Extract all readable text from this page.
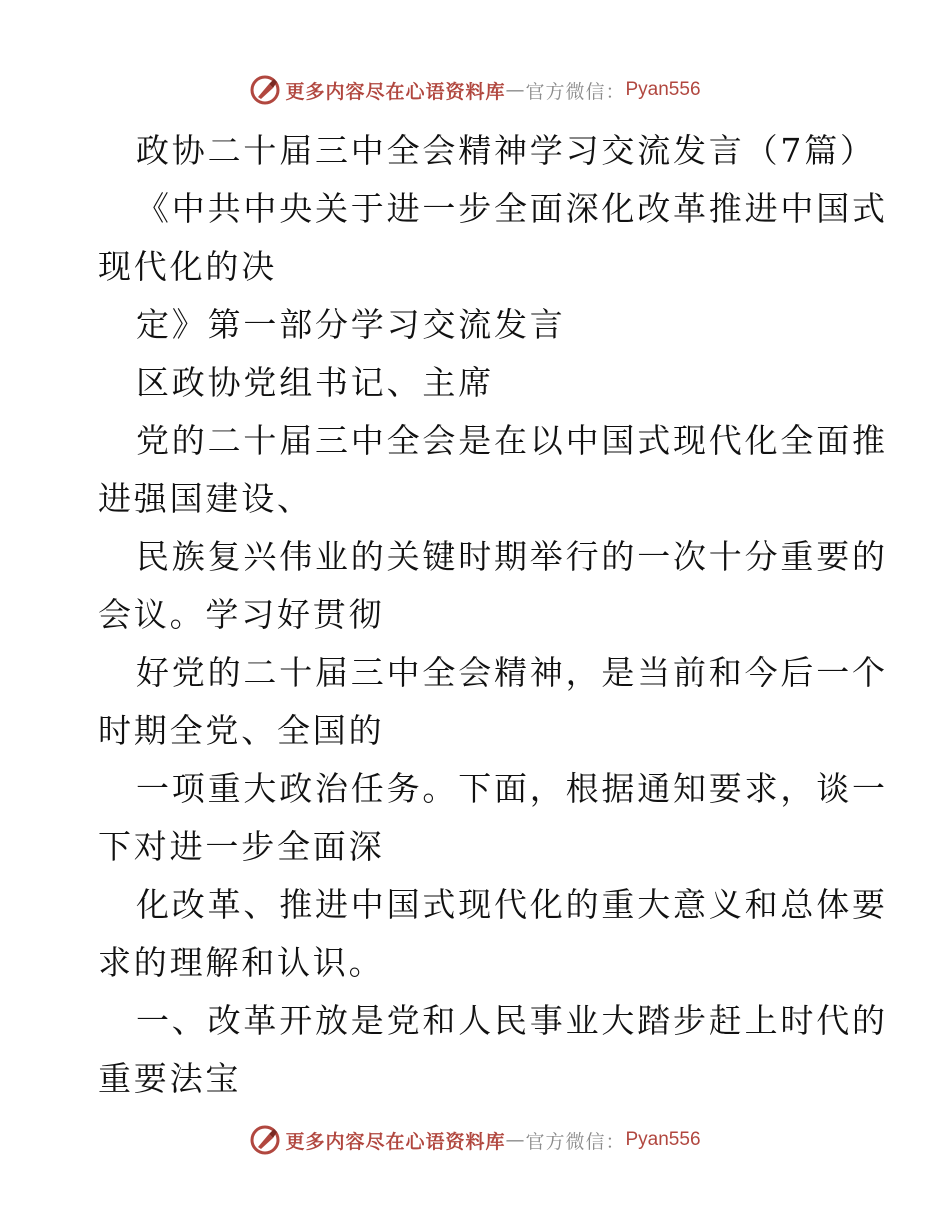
更多内容尽在心语资料库 — 官方微信： Pyan556
政协二十届三中全会精神学习交流发言（7篇）
《中共中央关于进一步全面深化改革推进中国式
现代化的决
定》第一部分学习交流发言
区政协党组书记、主席
党的二十届三中全会是在以中国式现代化全面推
进强国建设、
民族复兴伟业的关键时期举行的一次十分重要的
会议。学习好贯彻
好党的二十届三中全会精神，是当前和今后一个
时期全党、全国的
一项重大政治任务。下面，根据通知要求，谈一
下对进一步全面深
化改革、推进中国式现代化的重大意义和总体要
求的理解和认识。
一、改革开放是党和人民事业大踏步赶上时代的
重要法宝
更多内容尽在心语资料库 — 官方微信： Pyan556
